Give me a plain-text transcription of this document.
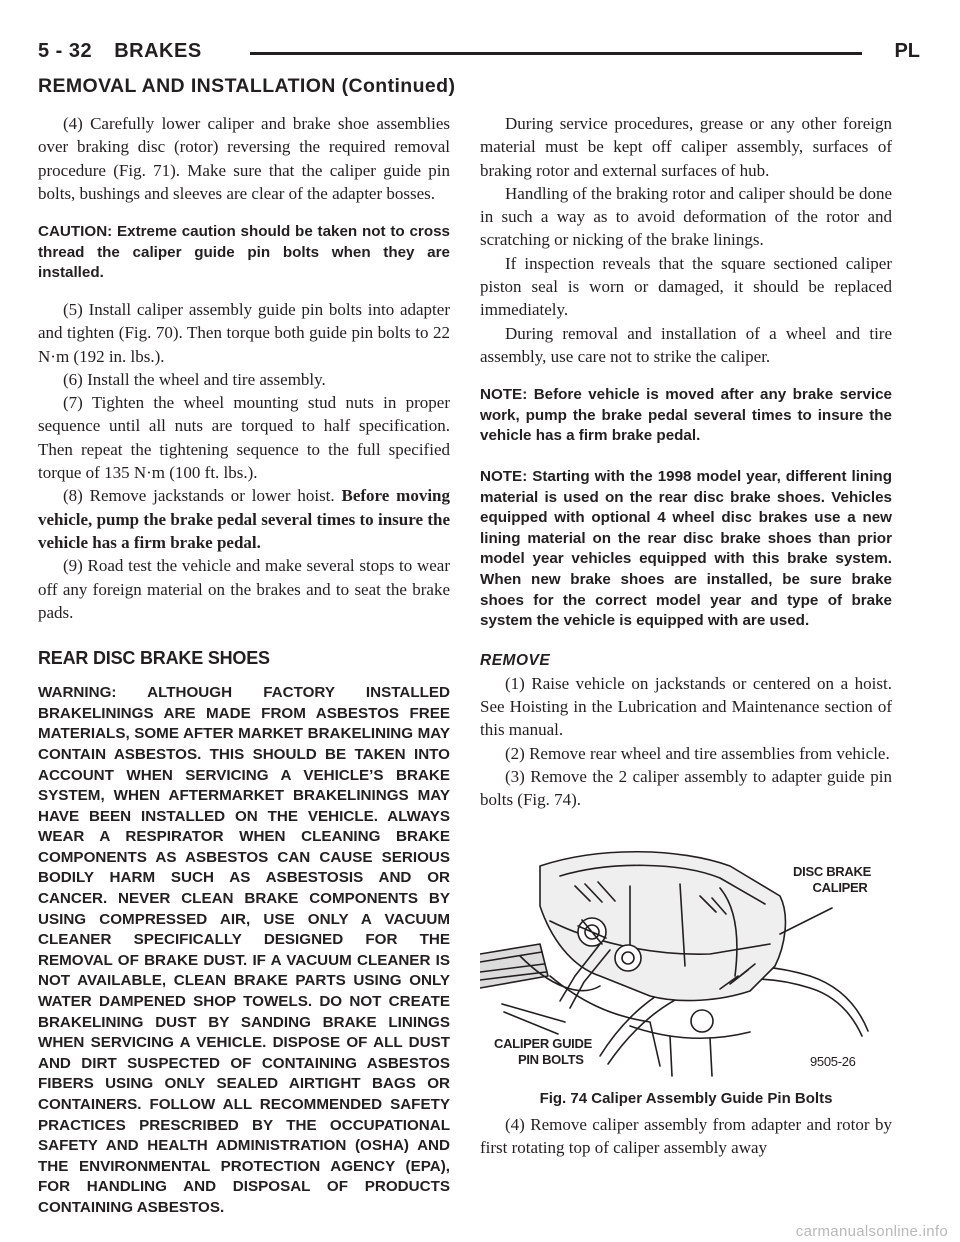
5 - 32 BRAKES	PL
REMOVAL AND INSTALLATION (Continued)

(4) Carefully lower caliper and brake shoe assemblies over braking disc (rotor) reversing the required removal procedure (Fig. 71). Make sure that the caliper guide pin bolts, bushings and sleeves are clear of the adapter bosses.

CAUTION: Extreme caution should be taken not to cross thread the caliper guide pin bolts when they are installed.

(5) Install caliper assembly guide pin bolts into adapter and tighten (Fig. 70). Then torque both guide pin bolts to 22 N·m (192 in. lbs.).

(6) Install the wheel and tire assembly.

(7) Tighten the wheel mounting stud nuts in proper sequence until all nuts are torqued to half specification. Then repeat the tightening sequence to the full specified torque of 135 N·m (100 ft. lbs.).

(8) Remove jackstands or lower hoist. Before moving vehicle, pump the brake pedal several times to insure the vehicle has a firm brake pedal.

(9) Road test the vehicle and make several stops to wear off any foreign material on the brakes and to seat the brake pads.

REAR DISC BRAKE SHOES

WARNING: ALTHOUGH FACTORY INSTALLED BRAKELININGS ARE MADE FROM ASBESTOS FREE MATERIALS, SOME AFTER MARKET BRAKELINING MAY CONTAIN ASBESTOS. THIS SHOULD BE TAKEN INTO ACCOUNT WHEN SERVICING A VEHICLE’S BRAKE SYSTEM, WHEN AFTERMARKET BRAKELININGS MAY HAVE BEEN INSTALLED ON THE VEHICLE. ALWAYS WEAR A RESPIRATOR WHEN CLEANING BRAKE COMPONENTS AS ASBESTOS CAN CAUSE SERIOUS BODILY HARM SUCH AS ASBESTOSIS AND OR CANCER. NEVER CLEAN BRAKE COMPONENTS BY USING COMPRESSED AIR, USE ONLY A VACUUM CLEANER SPECIFICALLY DESIGNED FOR THE REMOVAL OF BRAKE DUST. IF A VACUUM CLEANER IS NOT AVAILABLE, CLEAN BRAKE PARTS USING ONLY WATER DAMPENED SHOP TOWELS. DO NOT CREATE BRAKELINING DUST BY SANDING BRAKE LININGS WHEN SERVICING A VEHICLE. DISPOSE OF ALL DUST AND DIRT SUSPECTED OF CONTAINING ASBESTOS FIBERS USING ONLY SEALED AIRTIGHT BAGS OR CONTAINERS. FOLLOW ALL RECOMMENDED SAFETY PRACTICES PRESCRIBED BY THE OCCUPATIONAL SAFETY AND HEALTH ADMINISTRATION (OSHA) AND THE ENVIRONMENTAL PROTECTION AGENCY (EPA), FOR HANDLING AND DISPOSAL OF PRODUCTS CONTAINING ASBESTOS.

During service procedures, grease or any other foreign material must be kept off caliper assembly, surfaces of braking rotor and external surfaces of hub.

Handling of the braking rotor and caliper should be done in such a way as to avoid deformation of the rotor and scratching or nicking of the brake linings.

If inspection reveals that the square sectioned caliper piston seal is worn or damaged, it should be replaced immediately.

During removal and installation of a wheel and tire assembly, use care not to strike the caliper.

NOTE: Before vehicle is moved after any brake service work, pump the brake pedal several times to insure the vehicle has a firm brake pedal.

NOTE: Starting with the 1998 model year, different lining material is used on the rear disc brake shoes. Vehicles equipped with optional 4 wheel disc brakes use a new lining material on the rear disc brake shoes than prior model year vehicles equipped with this brake system. When new brake shoes are installed, be sure brake shoes for the correct model year and type of brake system the vehicle is equipped with are used.

REMOVE

(1) Raise vehicle on jackstands or centered on a hoist. See Hoisting in the Lubrication and Maintenance section of this manual.

(2) Remove rear wheel and tire assemblies from vehicle.

(3) Remove the 2 caliper assembly to adapter guide pin bolts (Fig. 74).

DISC BRAKE
CALIPER
CALIPER GUIDE
PIN BOLTS	9505-26
Fig. 74 Caliper Assembly Guide Pin Bolts

(4) Remove caliper assembly from adapter and rotor by first rotating top of caliper assembly away

carmanualsonline.info
